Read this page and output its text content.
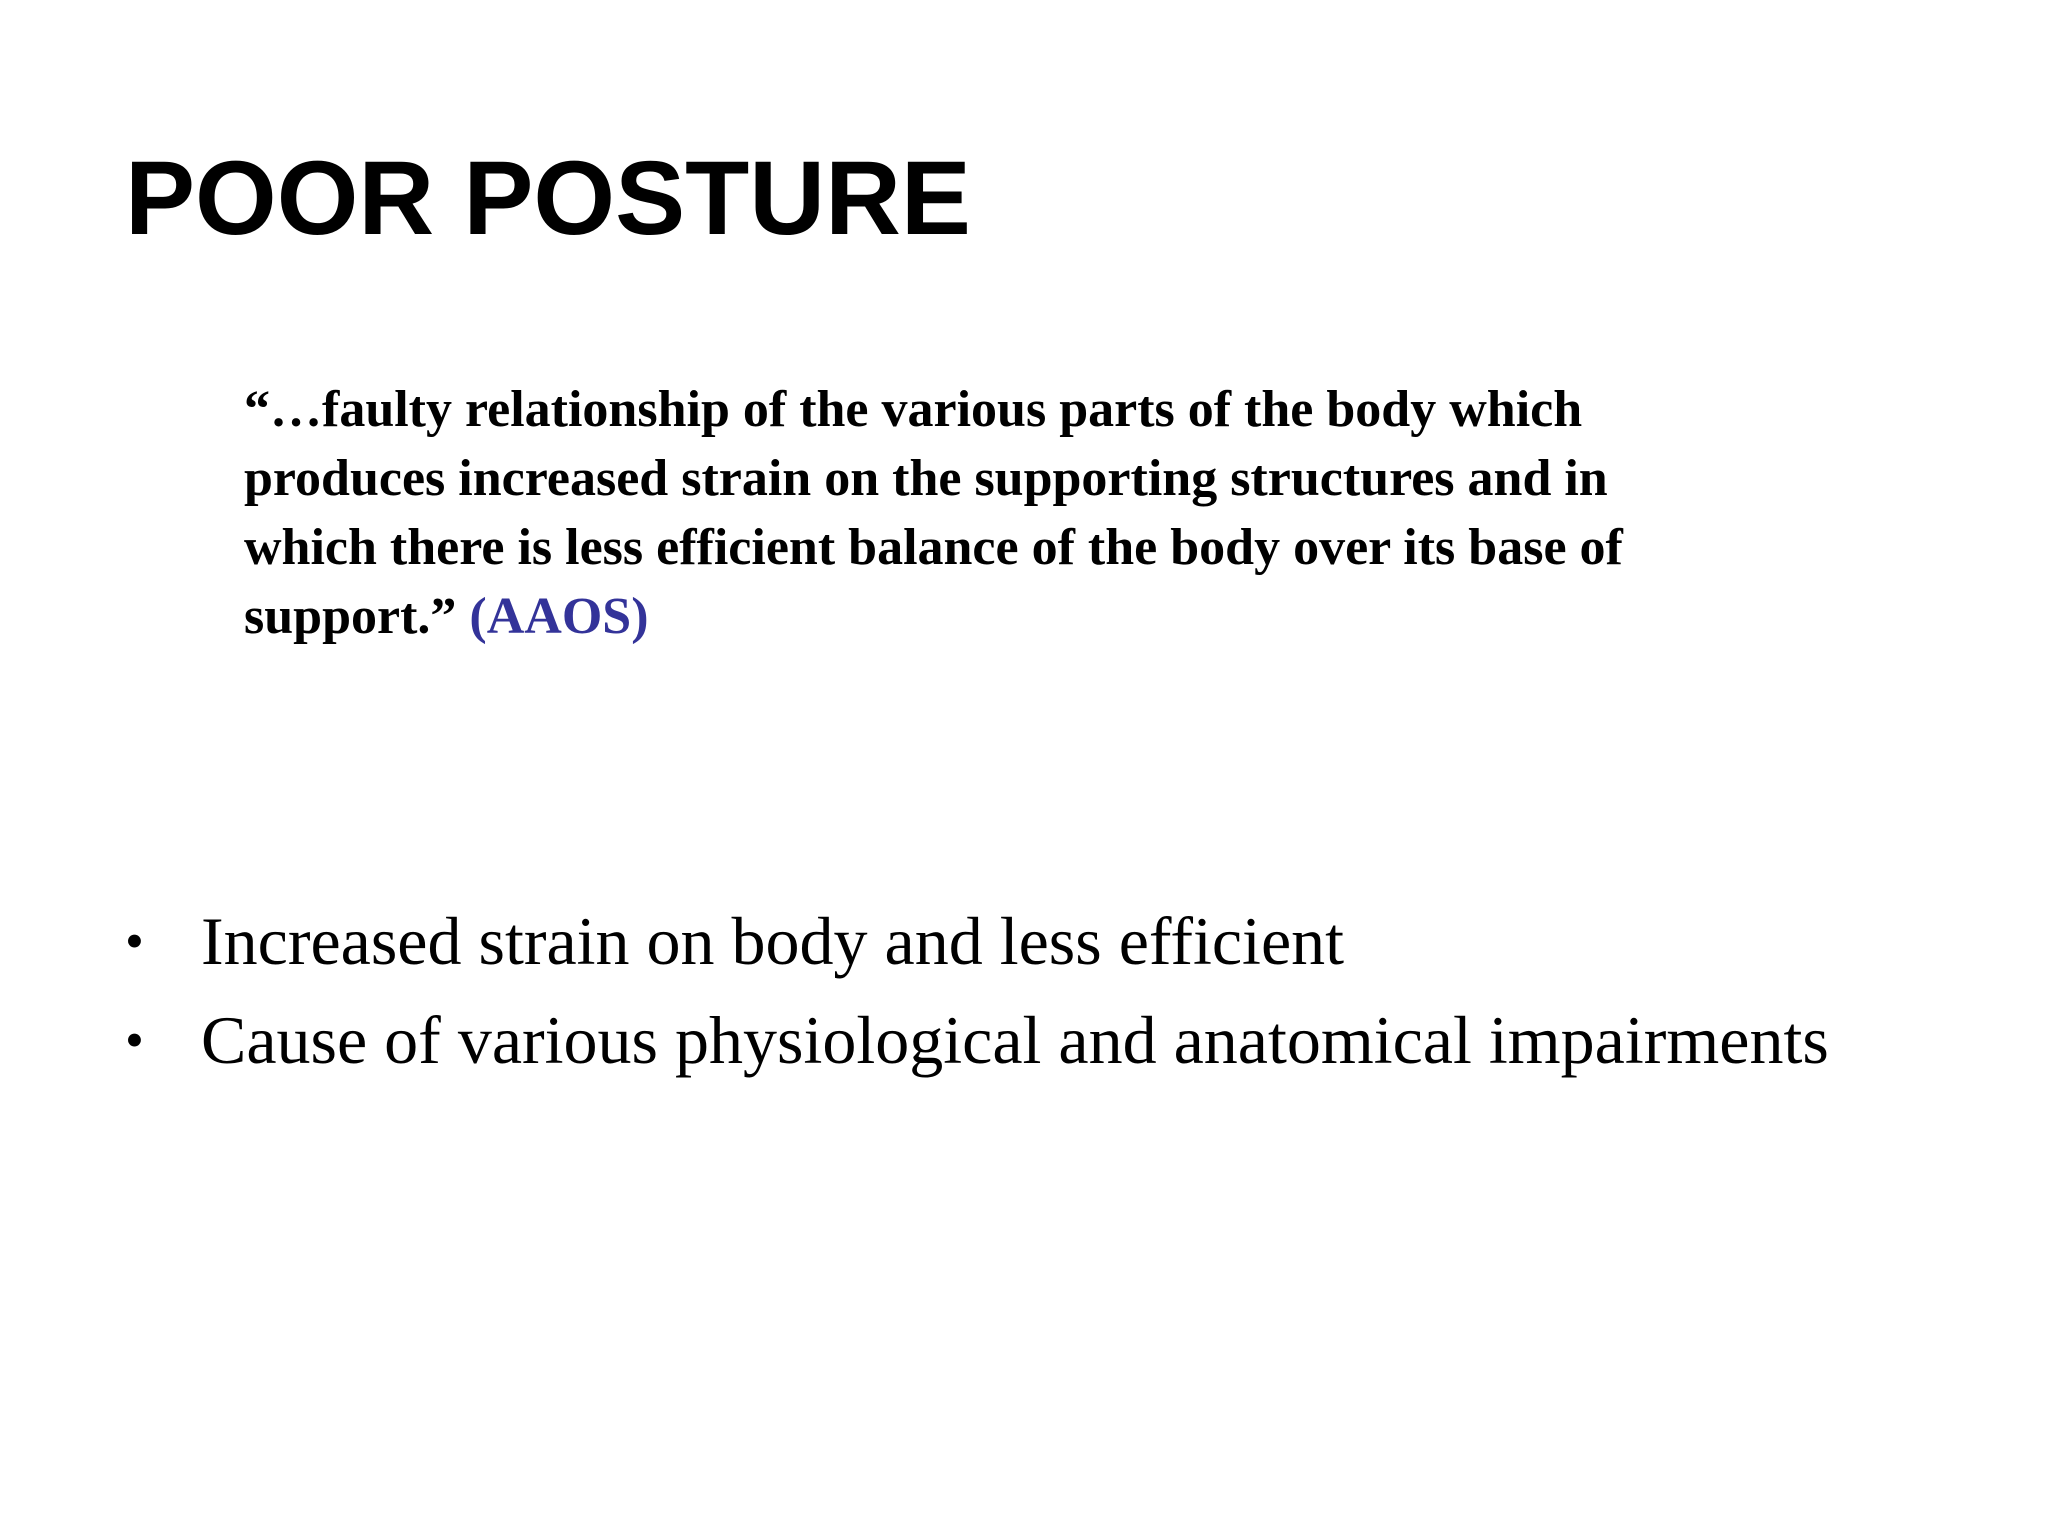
POOR POSTURE
“…faulty relationship of the various parts of the body which
produces increased strain on the supporting structures and in
which there is less efficient balance of the body over its base of
support.” (AAOS)
• Increased strain on body and less efficient
• Cause of various physiological and anatomical impairments
